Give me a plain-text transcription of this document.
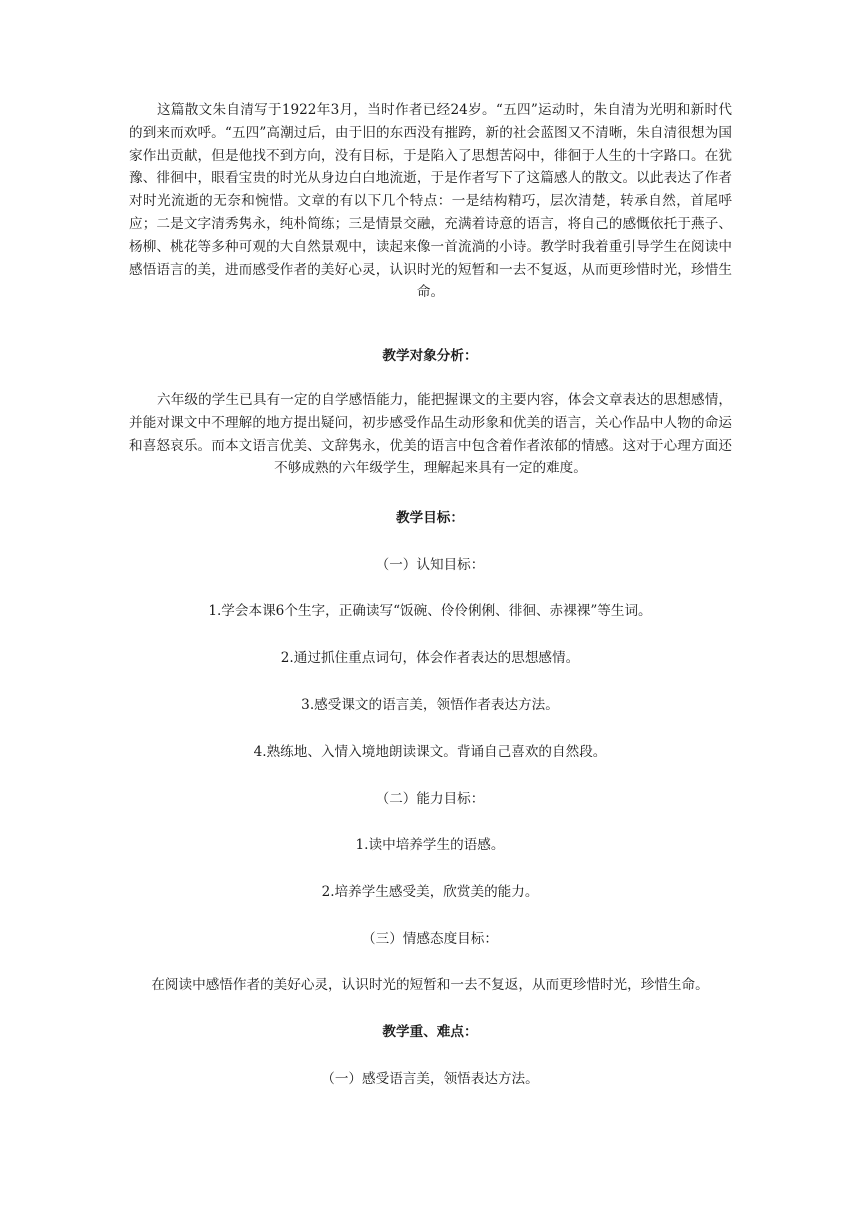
这篇散文朱自清写于1922年3月，当时作者已经24岁。“五四”运动时，朱自清为光明和新时代的到来而欢呼。“五四”高潮过后，由于旧的东西没有摧跨，新的社会蓝图又不清晰，朱自清很想为国家作出贡献，但是他找不到方向，没有目标，于是陷入了思想苦闷中，徘徊于人生的十字路口。在犹豫、徘徊中，眼看宝贵的时光从身边白白地流逝，于是作者写下了这篇感人的散文。以此表达了作者对时光流逝的无奈和惋惜。文章的有以下几个特点：一是结构精巧，层次清楚，转承自然，首尾呼应；二是文字清秀隽永，纯朴简练；三是情景交融，充满着诗意的语言，将自己的感慨依托于燕子、杨柳、桃花等多种可观的大自然景观中，读起来像一首流淌的小诗。教学时我着重引导学生在阅读中感悟语言的美，进而感受作者的美好心灵，认识时光的短暂和一去不复返，从而更珍惜时光，珍惜生命。

教学对象分析：

六年级的学生已具有一定的自学感悟能力，能把握课文的主要内容，体会文章表达的思想感情，并能对课文中不理解的地方提出疑问，初步感受作品生动形象和优美的语言，关心作品中人物的命运和喜怒哀乐。而本文语言优美、文辞隽永，优美的语言中包含着作者浓郁的情感。这对于心理方面还不够成熟的六年级学生，理解起来具有一定的难度。

教学目标：

（一）认知目标：

1.学会本课6个生字，正确读写“饭碗、伶伶俐俐、徘徊、赤裸裸”等生词。

2.通过抓住重点词句，体会作者表达的思想感情。

3.感受课文的语言美，领悟作者表达方法。

4.熟练地、入情入境地朗读课文。背诵自己喜欢的自然段。

（二）能力目标：

1.读中培养学生的语感。

2.培养学生感受美，欣赏美的能力。

（三）情感态度目标：

在阅读中感悟作者的美好心灵，认识时光的短暂和一去不复返，从而更珍惜时光，珍惜生命。

教学重、难点：

（一）感受语言美，领悟表达方法。
